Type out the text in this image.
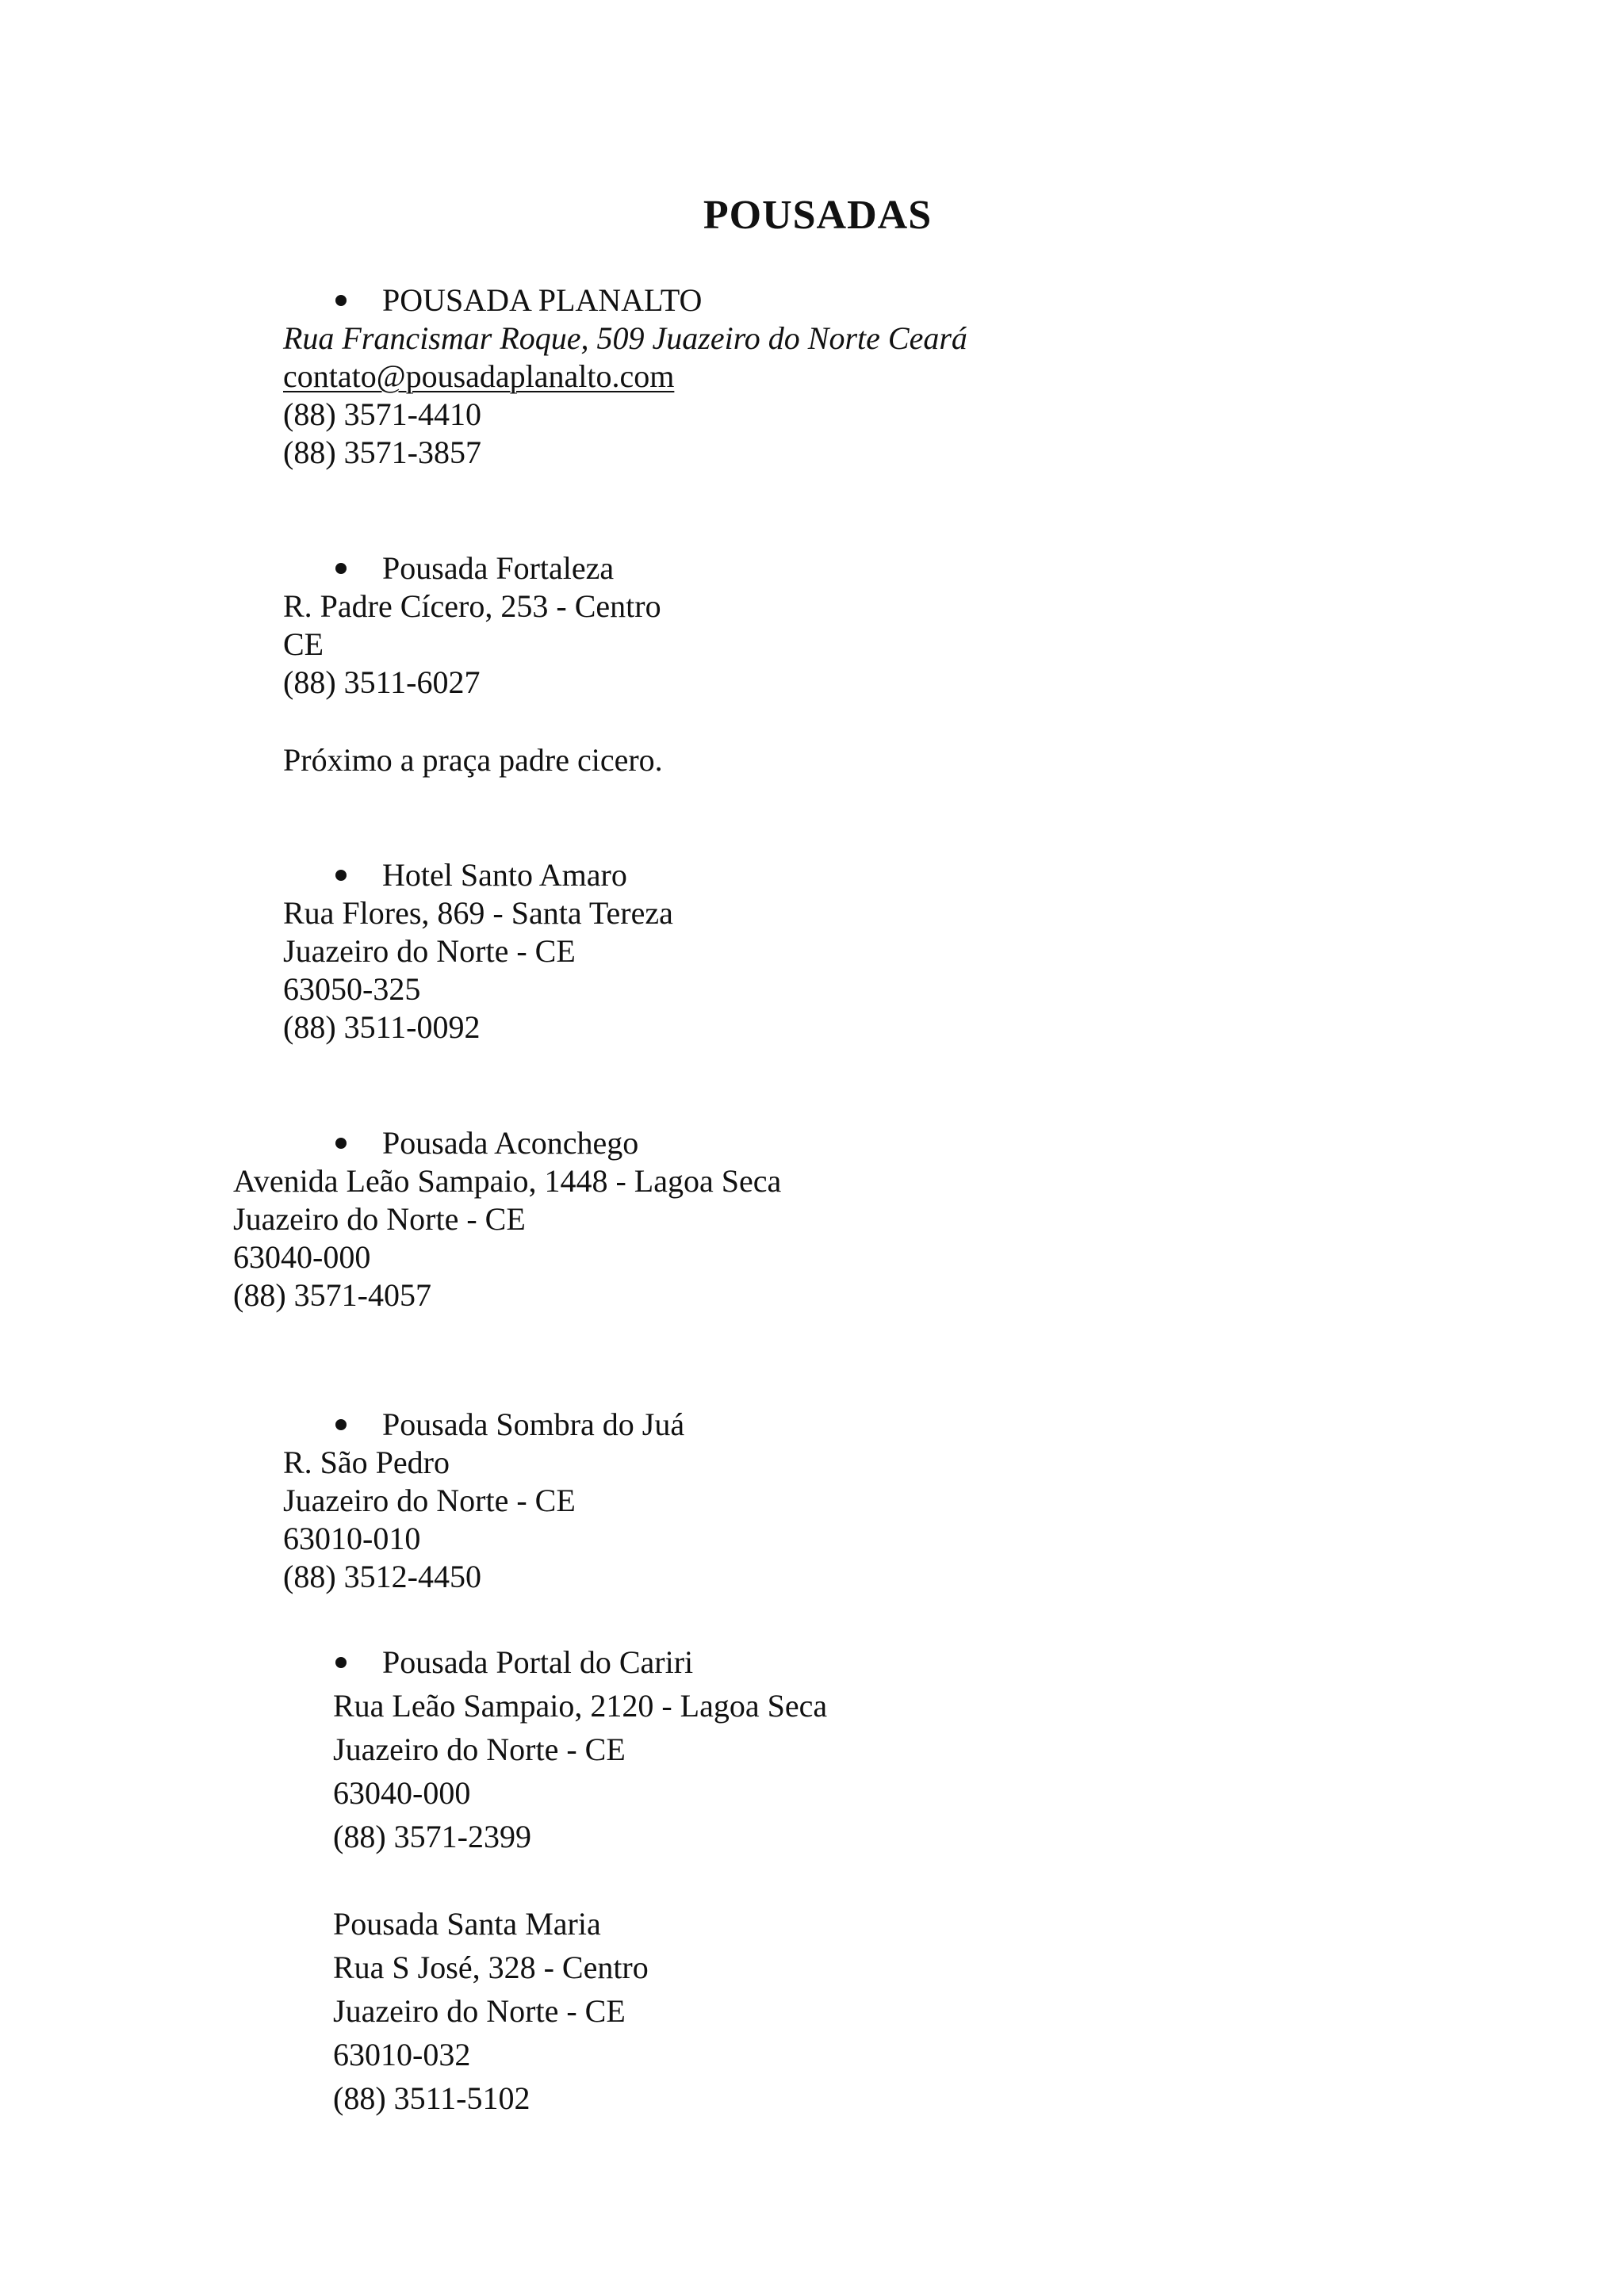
POUSADAS
POUSADA PLANALTO
Rua Francismar Roque, 509 Juazeiro do Norte Ceará
contato@pousadaplanalto.com
(88) 3571-4410
(88) 3571-3857
Pousada Fortaleza
R. Padre Cícero, 253 - Centro
CE
(88) 3511-6027
Próximo a praça padre cicero.
Hotel Santo Amaro
Rua Flores, 869 - Santa Tereza
Juazeiro do Norte - CE
63050-325
(88) 3511-0092
Pousada Aconchego
Avenida Leão Sampaio, 1448 - Lagoa Seca
Juazeiro do Norte - CE
63040-000
(88) 3571-4057
Pousada Sombra do Juá
R. São Pedro
Juazeiro do Norte - CE
63010-010
(88) 3512-4450
Pousada Portal do Cariri
Rua Leão Sampaio, 2120 - Lagoa Seca
Juazeiro do Norte - CE
63040-000
(88) 3571-2399
Pousada Santa Maria
Rua S José, 328 - Centro
Juazeiro do Norte - CE
63010-032
(88) 3511-5102
